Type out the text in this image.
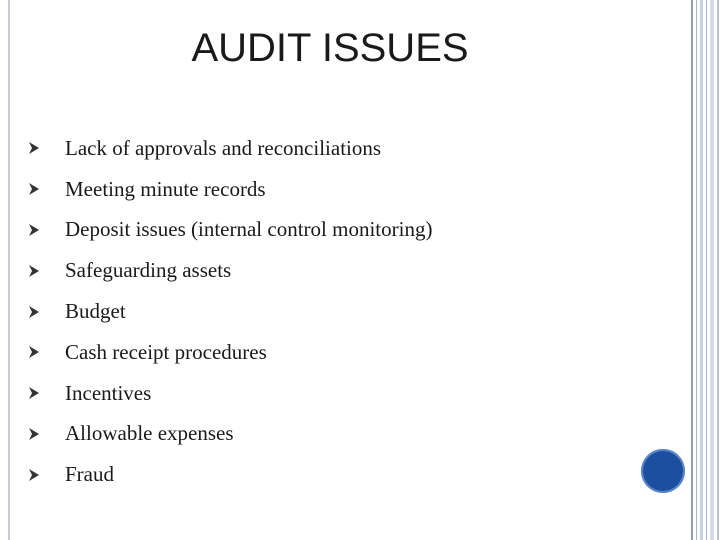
AUDIT ISSUES
Lack of approvals and reconciliations
Meeting minute records
Deposit issues (internal control monitoring)
Safeguarding assets
Budget
Cash receipt procedures
Incentives
Allowable expenses
Fraud
